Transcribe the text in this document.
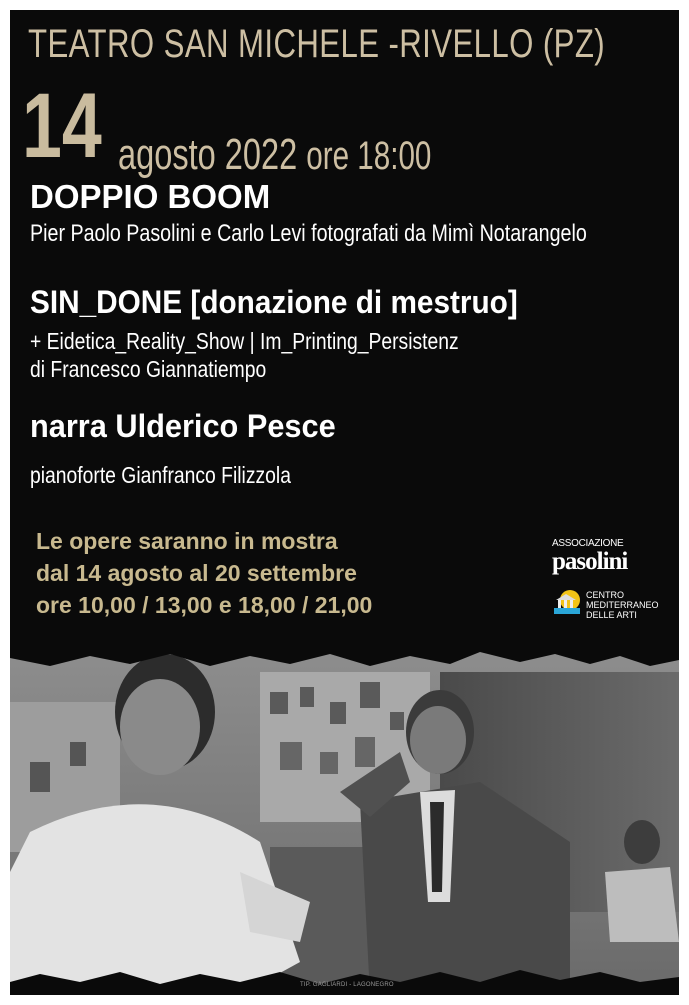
TEATRO SAN MICHELE -RIVELLO (PZ)
14 agosto 2022 ore 18:00
DOPPIO BOOM
Pier Paolo Pasolini e Carlo Levi fotografati da Mimì Notarangelo
SIN_DONE [donazione di mestruo]
+ Eidetica_Reality_Show | Im_Printing_Persistenz
di Francesco Giannatiempo
narra Ulderico Pesce
pianoforte Gianfranco Filizzola
Le opere saranno in mostra
dal 14 agosto al 20 settembre
ore 10,00 / 13,00 e 18,00 / 21,00
ASSOCIAZIONE
pasolini
CENTRO
MEDITERRANEO
DELLE ARTI
TIP. GAGLIARDI - LAGONEGRO
